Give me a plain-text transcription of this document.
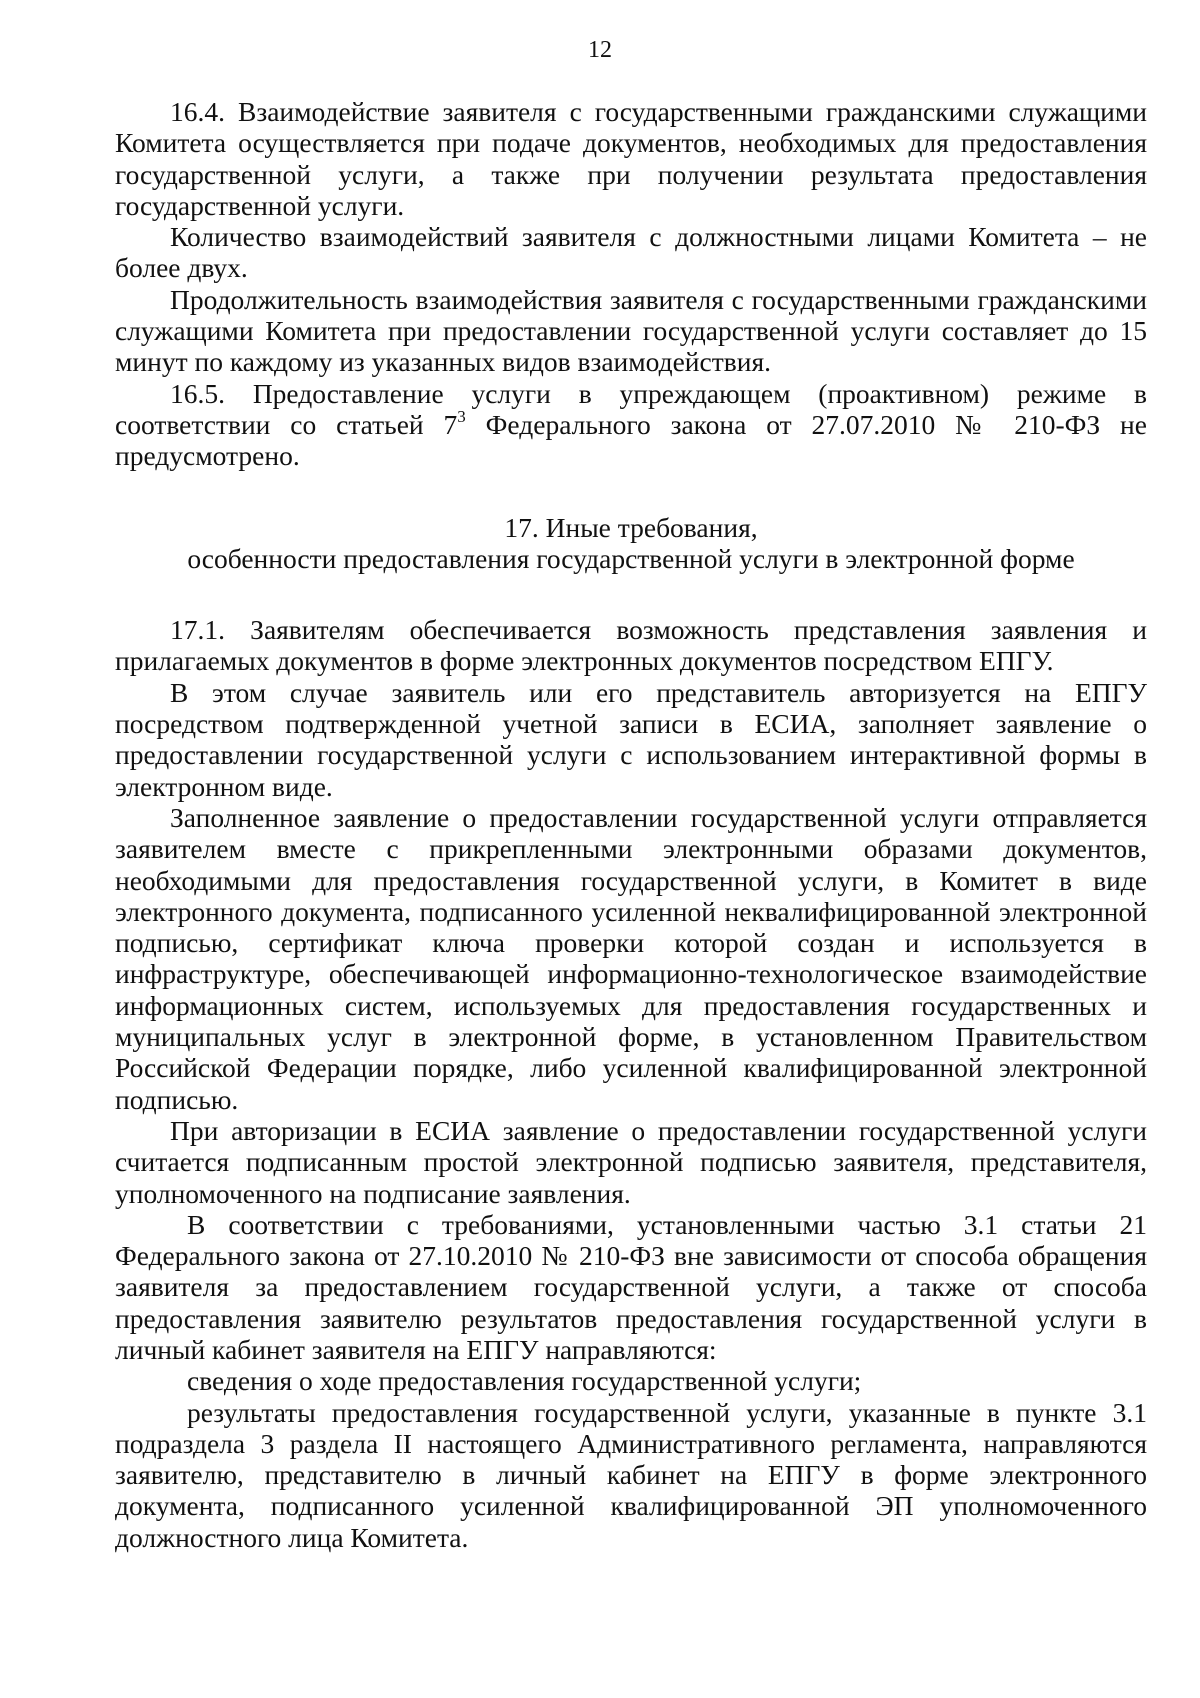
12

16.4. Взаимодействие заявителя с государственными гражданскими служащими Комитета осуществляется при подаче документов, необходимых для предоставления государственной услуги, а также при получении результата предоставления государственной услуги.

Количество взаимодействий заявителя с должностными лицами Комитета – не более двух.

Продолжительность взаимодействия заявителя с государственными гражданскими служащими Комитета при предоставлении государственной услуги составляет до 15 минут по каждому из указанных видов взаимодействия.

16.5. Предоставление услуги в упреждающем (проактивном) режиме в соответствии со статьей $7^3$ Федерального закона от 27.07.2010 № 210-ФЗ не предусмотрено.

17. Иные требования,

особенности предоставления государственной услуги в электронной форме

17.1. Заявителям обеспечивается возможность представления заявления и прилагаемых документов в форме электронных документов посредством ЕПГУ.

В этом случае заявитель или его представитель авторизуется на ЕПГУ посредством подтвержденной учетной записи в ЕСИА, заполняет заявление о предоставлении государственной услуги с использованием интерактивной формы в электронном виде.

Заполненное заявление о предоставлении государственной услуги отправляется заявителем вместе с прикрепленными электронными образами документов, необходимыми для предоставления государственной услуги, в Комитет в виде электронного документа, подписанного усиленной неквалифицированной электронной подписью, сертификат ключа проверки которой создан и используется в инфраструктуре, обеспечивающей информационно-технологическое взаимодействие информационных систем, используемых для предоставления государственных и муниципальных услуг в электронной форме, в установленном Правительством Российской Федерации порядке, либо усиленной квалифицированной электронной подписью.

При авторизации в ЕСИА заявление о предоставлении государственной услуги считается подписанным простой электронной подписью заявителя, представителя, уполномоченного на подписание заявления.

В соответствии с требованиями, установленными частью 3.1 статьи 21 Федерального закона от 27.10.2010 № 210-ФЗ вне зависимости от способа обращения заявителя за предоставлением государственной услуги, а также от способа предоставления заявителю результатов предоставления государственной услуги в личный кабинет заявителя на ЕПГУ направляются:

сведения о ходе предоставления государственной услуги;

результаты предоставления государственной услуги, указанные в пункте 3.1 подраздела 3 раздела II настоящего Административного регламента, направляются заявителю, представителю в личный кабинет на ЕПГУ в форме электронного документа, подписанного усиленной квалифицированной ЭП уполномоченного должностного лица Комитета.
